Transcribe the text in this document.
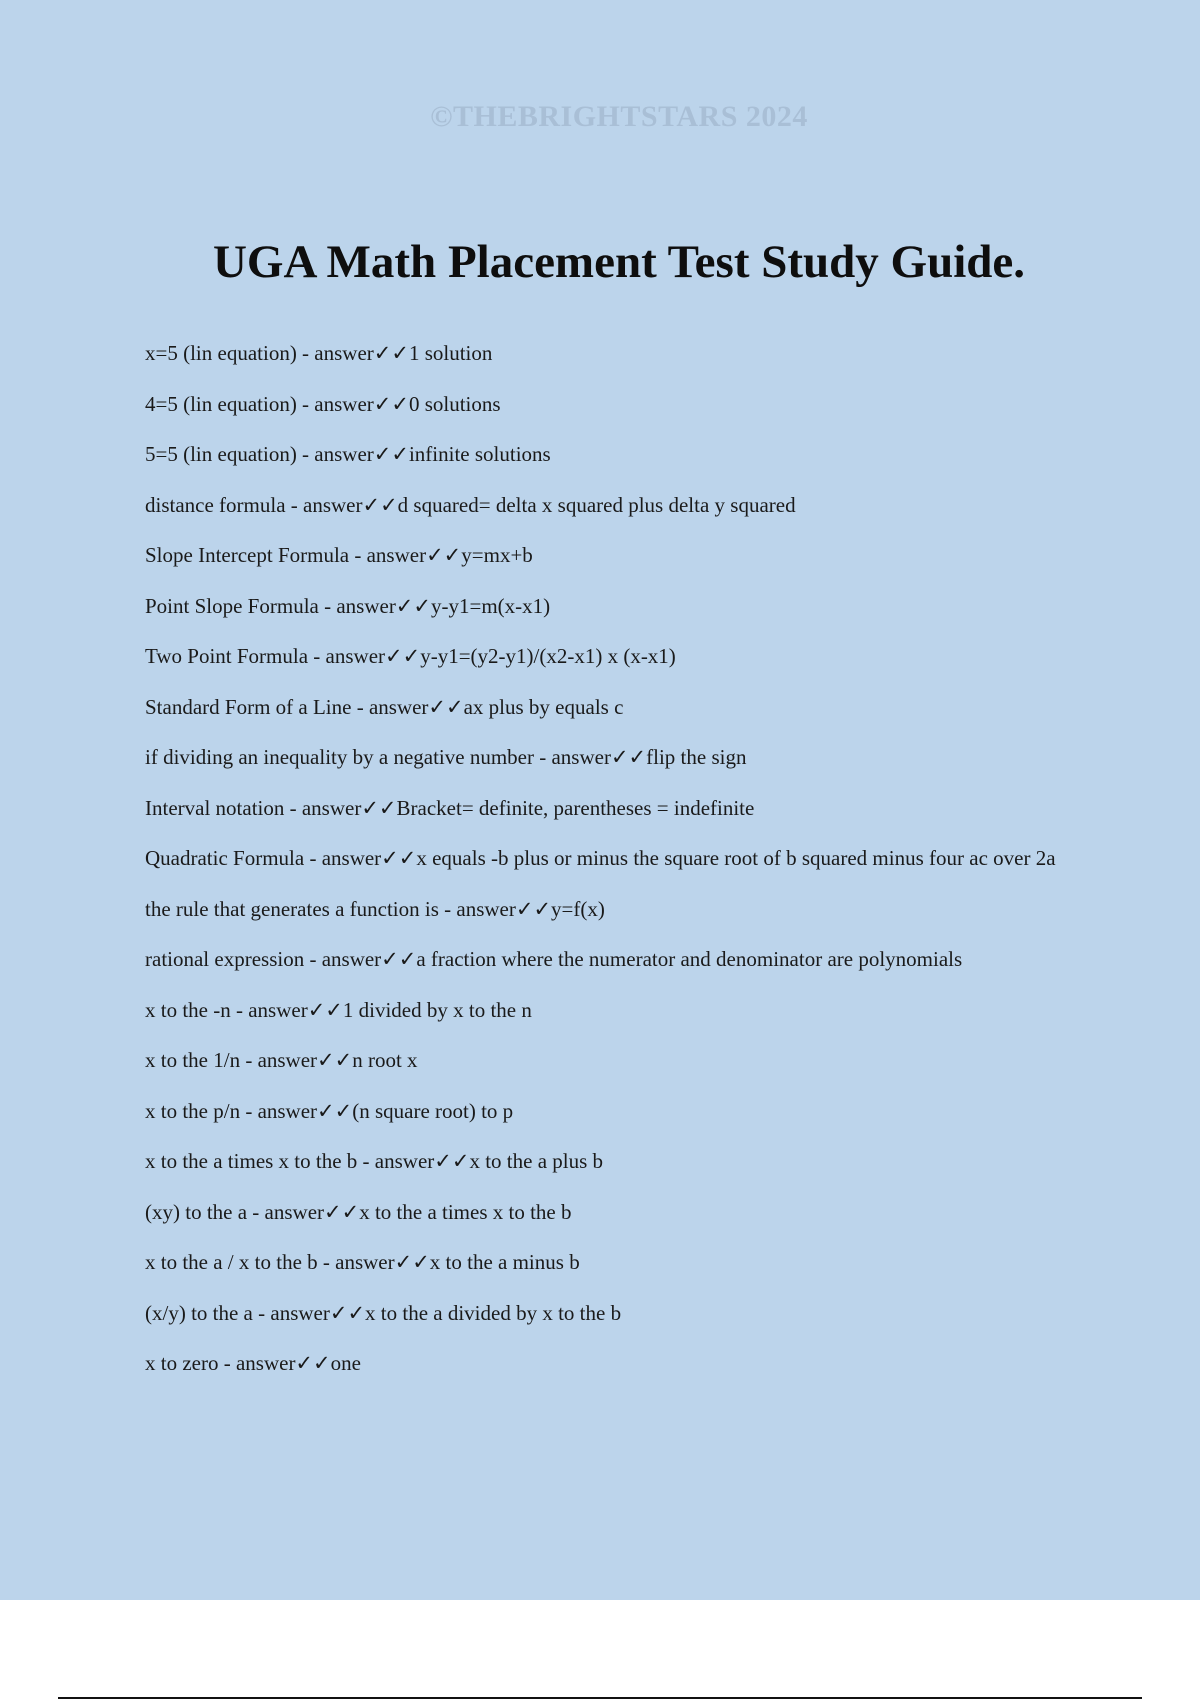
©THEBRIGHTSTARS 2024
UGA Math Placement Test Study Guide.
x=5 (lin equation) - answer✓✓1 solution
4=5 (lin equation) - answer✓✓0 solutions
5=5 (lin equation) - answer✓✓infinite solutions
distance formula - answer✓✓d squared= delta x squared plus delta y squared
Slope Intercept Formula - answer✓✓y=mx+b
Point Slope Formula - answer✓✓y-y1=m(x-x1)
Two Point Formula - answer✓✓y-y1=(y2-y1)/(x2-x1) x (x-x1)
Standard Form of a Line - answer✓✓ax plus by equals c
if dividing an inequality by a negative number - answer✓✓flip the sign
Interval notation - answer✓✓Bracket= definite, parentheses = indefinite
Quadratic Formula - answer✓✓x equals -b plus or minus the square root of b squared minus four ac over 2a
the rule that generates a function is - answer✓✓y=f(x)
rational expression - answer✓✓a fraction where the numerator and denominator are polynomials
x to the -n - answer✓✓1 divided by x to the n
x to the 1/n - answer✓✓n root x
x to the p/n - answer✓✓(n square root) to p
x to the a times x to the b - answer✓✓x to the a plus b
(xy) to the a - answer✓✓x to the a times x to the b
x to the a / x to the b - answer✓✓x to the a minus b
(x/y) to the a - answer✓✓x to the a divided by x to the b
x to zero - answer✓✓one
